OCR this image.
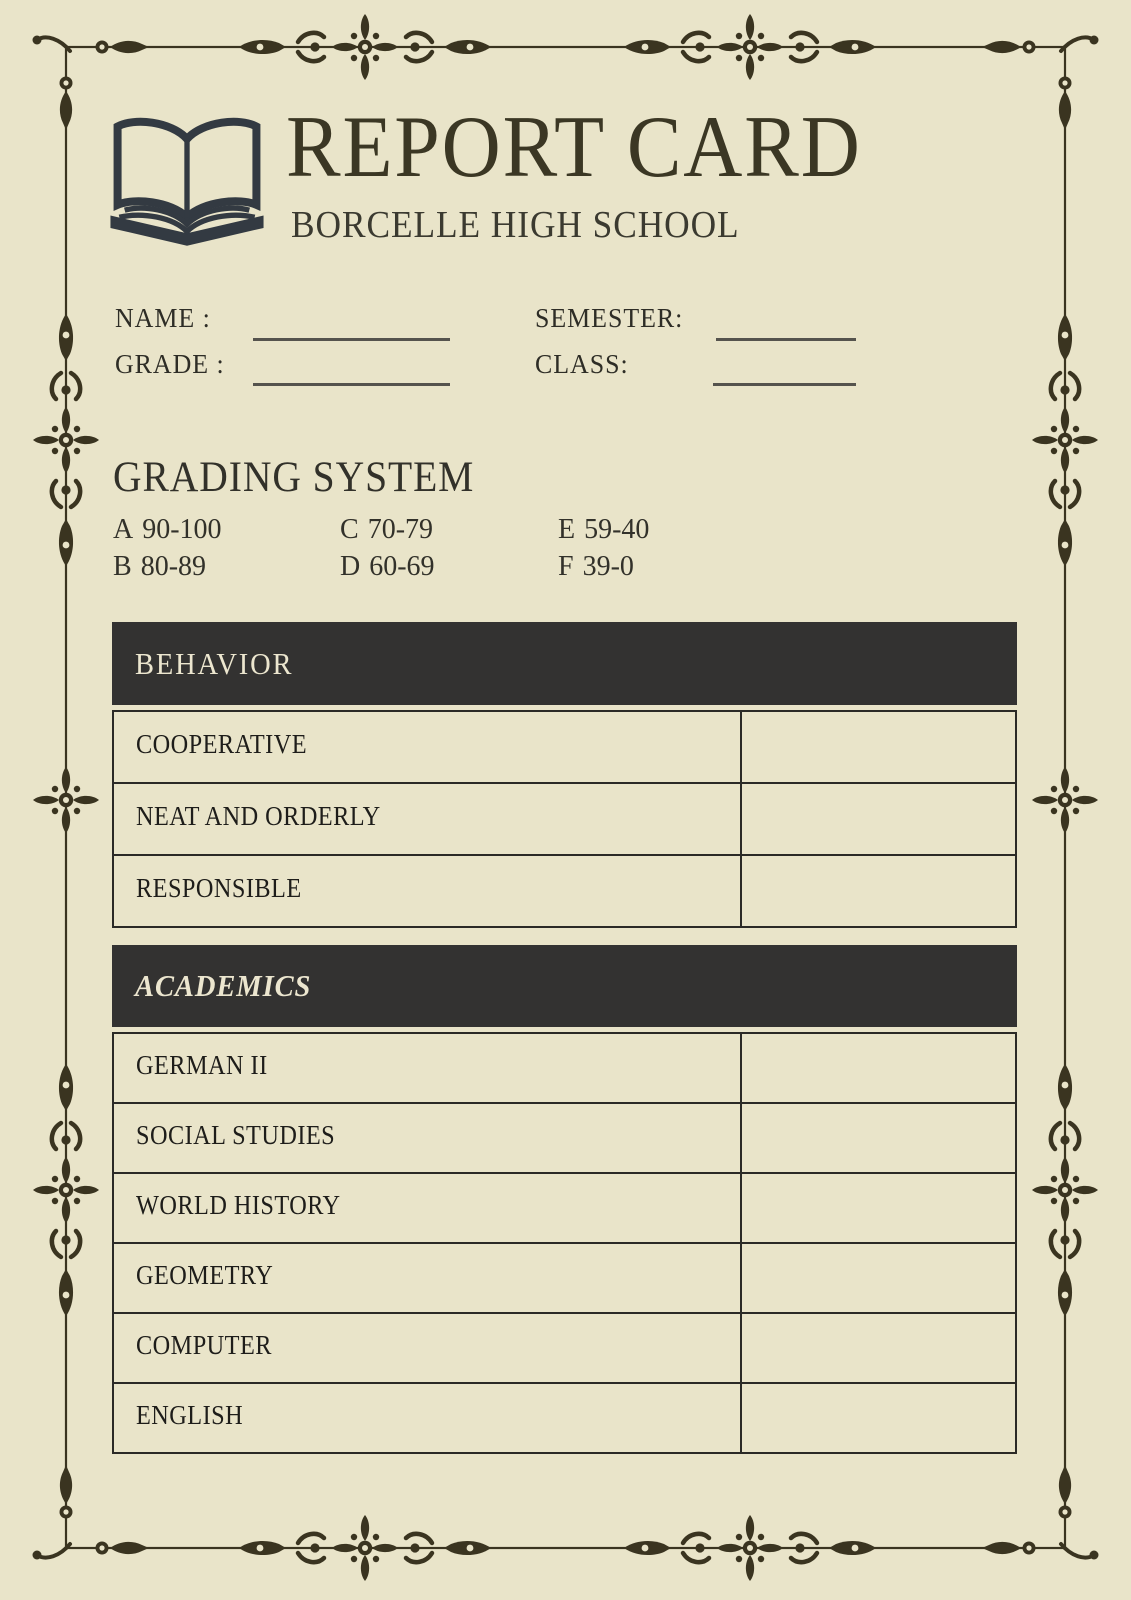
REPORT CARD
BORCELLE HIGH SCHOOL
NAME :	SEMESTER:
GRADE :	CLASS:
GRADING SYSTEM
A 90-100
B 80-89
C 70-79
D 60-69
E 59-40
F 39-0
BEHAVIOR
COOPERATIVE
NEAT AND ORDERLY
RESPONSIBLE
ACADEMICS
GERMAN II
SOCIAL STUDIES
WORLD HISTORY
GEOMETRY
COMPUTER
ENGLISH
